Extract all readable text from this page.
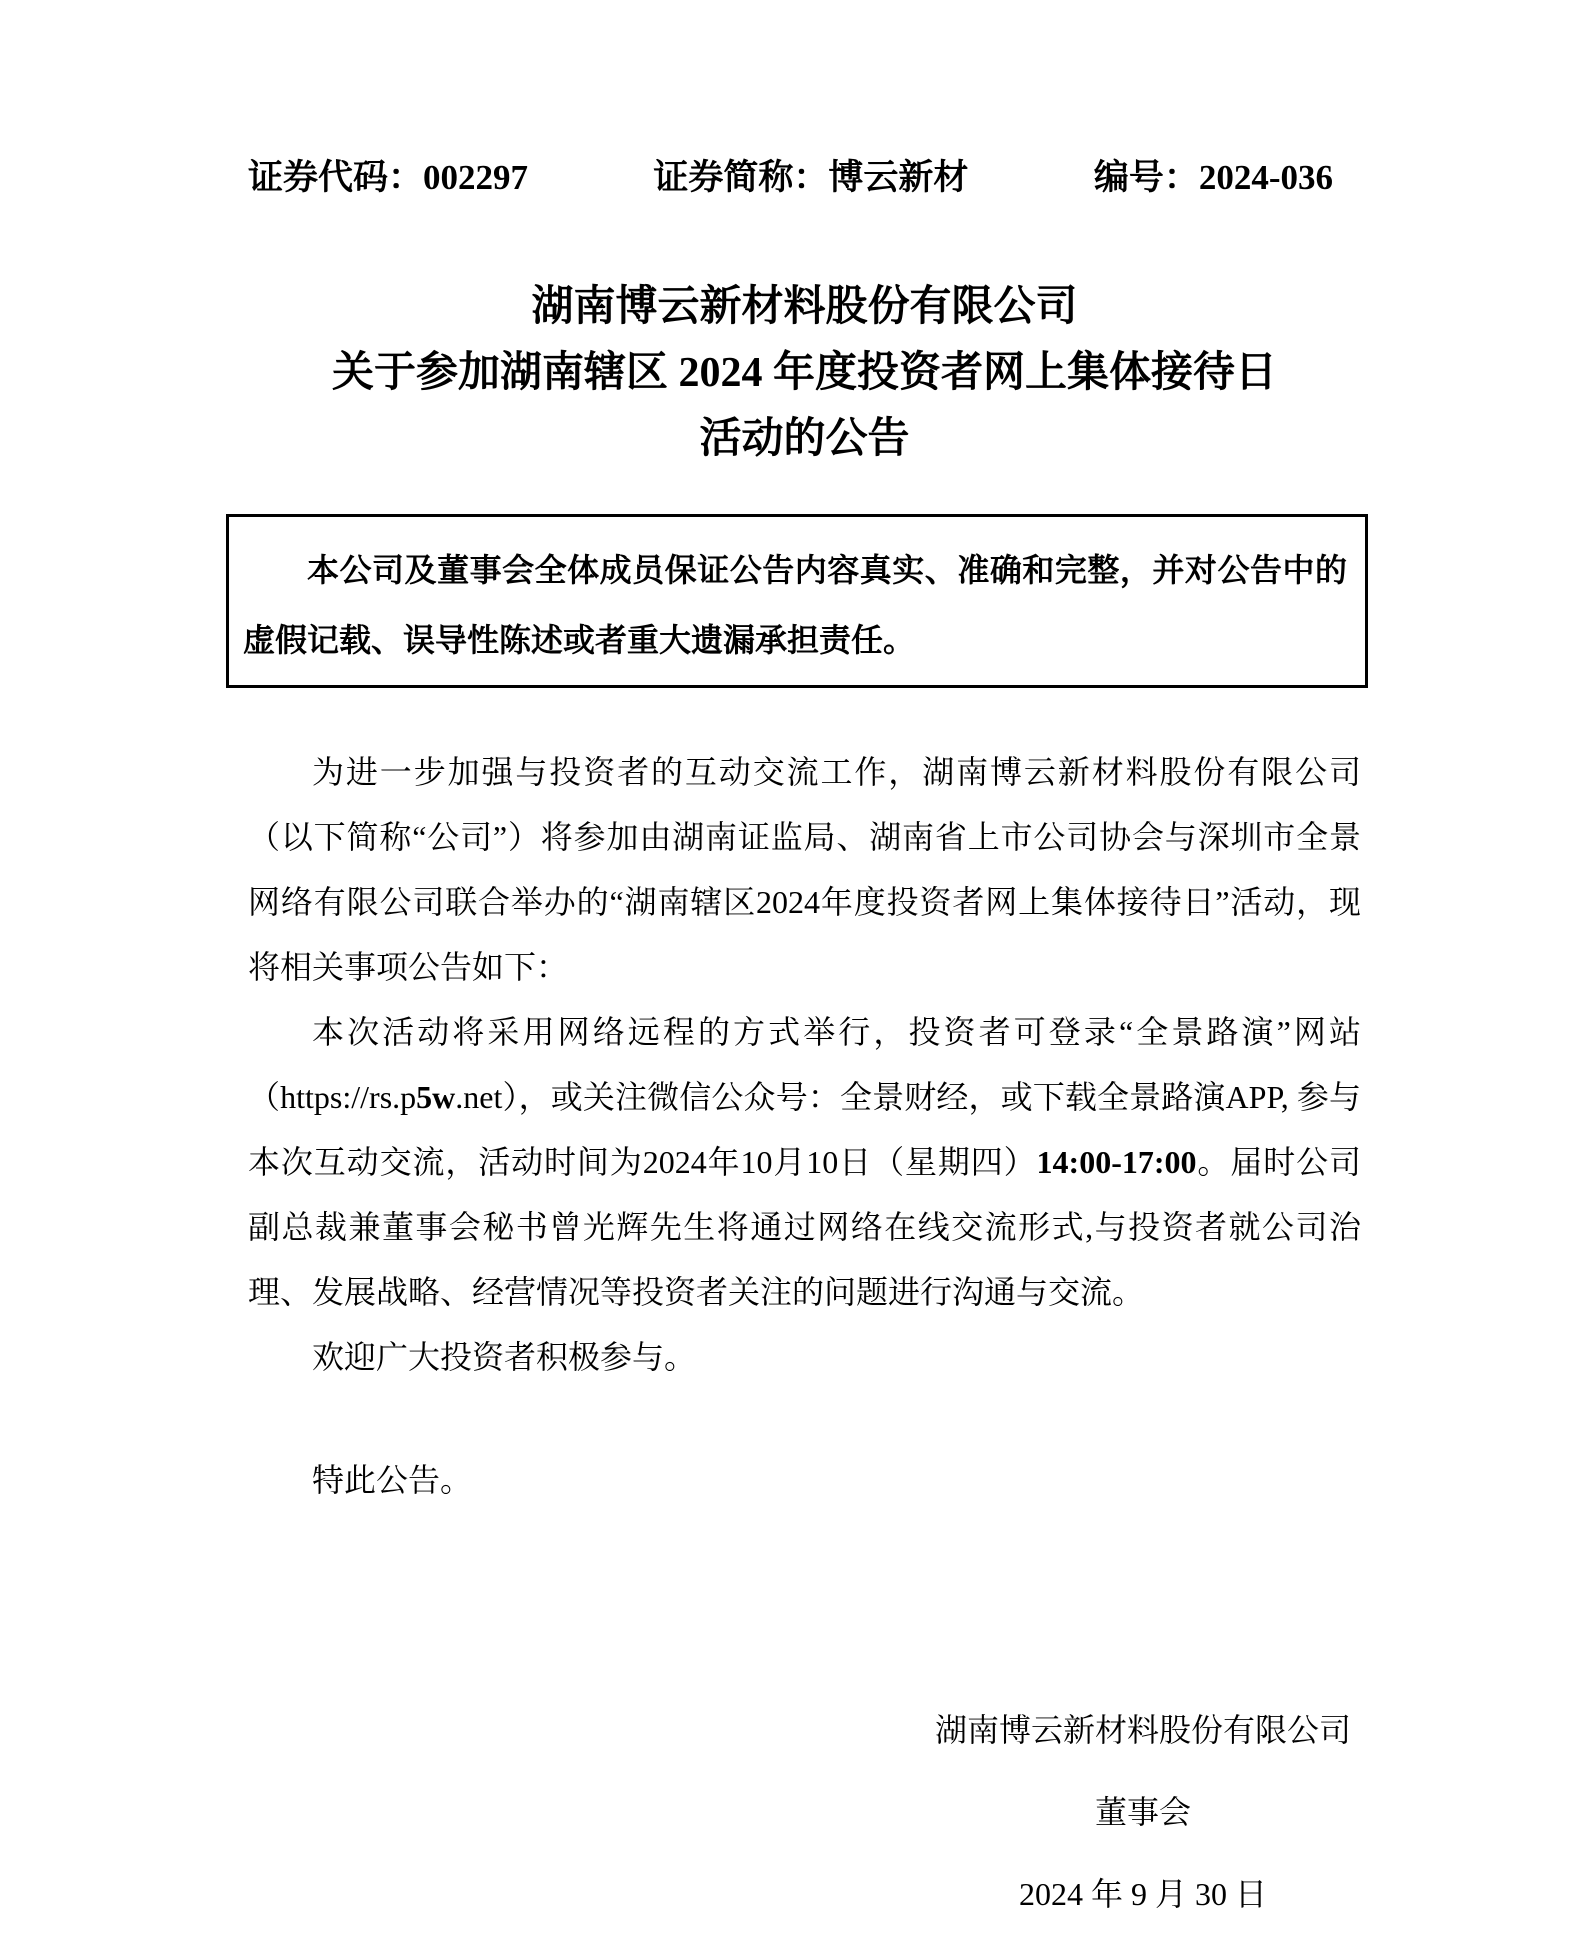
证券代码：002297	证券简称：博云新材	编号：2024-036
湖南博云新材料股份有限公司
关于参加湖南辖区 2024 年度投资者网上集体接待日
活动的公告

本公司及董事会全体成员保证公告内容真实、准确和完整，并对公告中的虚假记载、误导性陈述或者重大遗漏承担责任。

为进一步加强与投资者的互动交流工作，湖南博云新材料股份有限公司（以下简称“公司”）将参加由湖南证监局、湖南省上市公司协会与深圳市全景网络有限公司联合举办的“湖南辖区2024年度投资者网上集体接待日”活动，现将相关事项公告如下：

本次活动将采用网络远程的方式举行，投资者可登录“全景路演”网站（https://rs.p5w.net），或关注微信公众号：全景财经，或下载全景路演APP, 参与本次互动交流，活动时间为2024年10月10日（星期四）14:00-17:00。届时公司副总裁兼董事会秘书曾光辉先生将通过网络在线交流形式,与投资者就公司治理、发展战略、经营情况等投资者关注的问题进行沟通与交流。

欢迎广大投资者积极参与。

特此公告。

湖南博云新材料股份有限公司
董事会
2024 年 9 月 30 日
